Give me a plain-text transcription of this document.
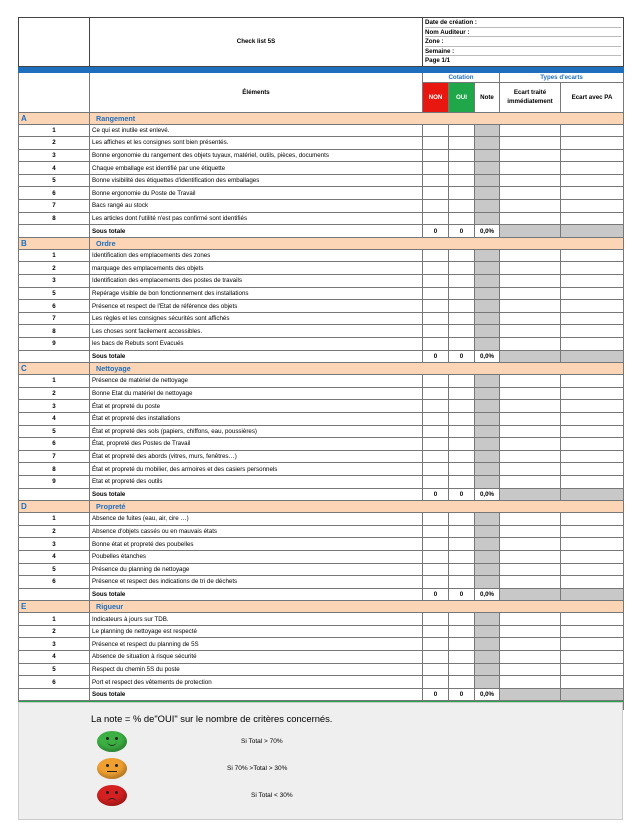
	Check list 5S	Date de création :
Nom Auditeur :
Zone :
Semaine :
Page 1/1				

	Éléments	Cotation			Types d'ecarts	
		NON	OUI	Note	Ecart traité immédiatement	Ecart avec PA
A	Rangement					
1	Ce qui est inutile est enlevé.					
2	Les affiches et les consignes sont bien présentés.					
3	Bonne ergonomie du rangement des objets tuyaux, matériel, outils, pièces, documents					
4	Chaque emballage est identifié par une étiquette					
5	Bonne visibilité des étiquettes d'identification des emballages					
6	Bonne ergonomie du Poste de Travail					
7	Bacs rangé au stock					
8	Les articles dont l'utilité n'est pas confirmé sont identifiés					
	Sous totale	0	0	0,0%		
B	Ordre					
1	Identification des emplacements des zones					
2	marquage des emplacements des objets					
3	Identification des emplacements des postes de travails					
5	Repérage visible de bon fonctionnement des installations					
6	Présence et respect de l'Etat de référence des objets					
7	Les règles et les consignes sécurités sont affichés					
8	Les choses sont facilement accessibles.					
9	les bacs de Rebuts sont Evacués					
	Sous totale	0	0	0,0%		
C	Nettoyage					
1	Présence de matériel de nettoyage					
2	Bonne Etat du matériel de nettoyage					
3	État et propreté du poste					
4	État et propreté des installations					
5	État et propreté des sols (papiers, chiffons, eau, poussières)					
6	État, propreté des Postes de Travail					
7	État et propreté des abords (vitres, murs, fenêtres…)					
8	État et propreté du mobilier, des armoires et des casiers personnels					
9	Etat et propreté des outils					
	Sous totale	0	0	0,0%		
D	Propreté					
1	Absence de fuites (eau, air, cire …)					
2	Absence d'objets cassés ou en mauvais états					
3	Bonne état et propreté des poubelles					
4	Poubelles étanches					
5	Présence du planning de nettoyage					
6	Présence et respect des indications de tri de déchets					
	Sous totale	0	0	0,0%		
E	Rigueur					
1	Indicateurs à jours sur TDB.					
2	Le planning de nettoyage est respecté					
3	Présence et respect du planning de 5S					
4	Absence de situation à risque sécurité					
5	Respect du chemin 5S du poste					
6	Port et respect des vêtements de protection					
	Sous totale	0	0	0,0%		

La note = % de"OUI" sur le nombre de critères concernés.
Si Total > 70%
Si 70% >Total > 30%
Si Total < 30%
